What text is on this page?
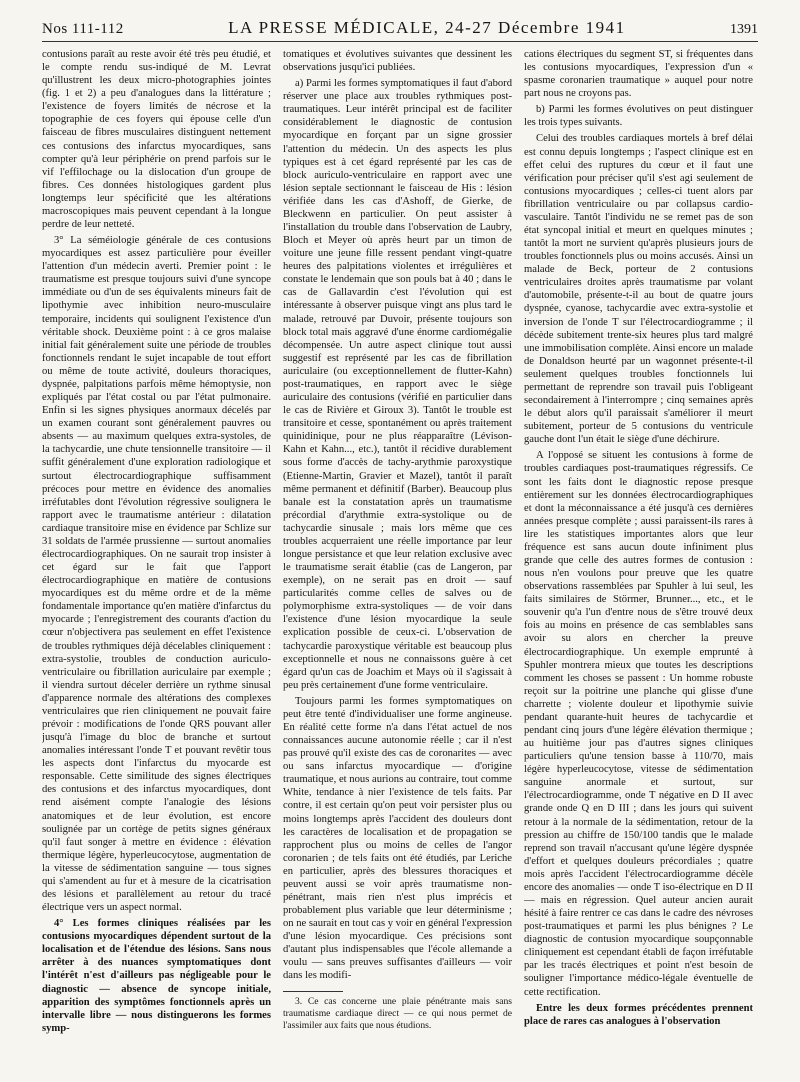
Nos 111-112	LA PRESSE MÉDICALE, 24-27 Décembre 1941	1391

contusions paraît au reste avoir été très peu étudié, et le compte rendu sus-indiqué de M. Levrat qu'illustrent les deux micro-photographies jointes (fig. 1 et 2) a peu d'analogues dans la littérature ; l'existence de foyers limités de nécrose et la topographie de ces foyers qui épouse celle d'un faisceau de fibres musculaires distinguent nettement ces contusions des infarctus myocardiques, sans compter qu'à leur périphérie on prend parfois sur le vif l'effilochage ou la dislocation d'un groupe de fibres. Ces données histologiques gardent plus longtemps leur spécificité que les altérations macroscopiques mais peuvent cependant à la longue perdre de leur netteté.

3° La séméiologie générale de ces contusions myocardiques est assez particulière pour éveiller l'attention d'un médecin averti. Premier point : le traumatisme est presque toujours suivi d'une syncope immédiate ou d'un de ses équivalents mineurs fait de lipothymie avec inhibition neuro-musculaire temporaire, incidents qui soulignent l'existence d'un véritable shock. Deuxième point : à ce gros malaise initial fait généralement suite une période de troubles fonctionnels rendant le sujet incapable de tout effort ou même de toute activité, douleurs thoraciques, dyspnée, palpitations parfois même hémoptysie, non expliqués par l'état costal ou par l'état pulmonaire. Enfin si les signes physiques anormaux décelés par un examen courant sont généralement pauvres ou absents — au maximum quelques extra-systoles, de la tachycardie, une chute tensionnelle transitoire — il suffit généralement d'une exploration radiologique et surtout électrocardiographique suffisamment précoces pour mettre en évidence des anomalies irréfutables dont l'évolution régressive soulignera le rapport avec le traumatisme antérieur : dilatation cardiaque transitoire mise en évidence par Schlize sur 31 soldats de l'armée prussienne — surtout anomalies électrocardiographiques. On ne saurait trop insister à cet égard sur le fait que l'apport électrocardiographique en matière de contusions myocardiques est du même ordre et de la même fondamentale importance qu'en matière d'infarctus du myocarde ; l'enregistrement des courants d'action du cœur n'objectivera pas seulement en effet l'existence de troubles rythmiques déjà décelables cliniquement : extra-systolie, troubles de conduction auriculo-ventriculaire ou fibrillation auriculaire par exemple ; il viendra surtout déceler derrière un rythme sinusal d'apparence normale des altérations des complexes ventriculaires que rien cliniquement ne pouvait faire prévoir : modifications de l'onde QRS pouvant aller jusqu'à l'image du bloc de branche et surtout anomalies intéressant l'onde T et pouvant revêtir tous les aspects dont l'infarctus du myocarde est responsable. Cette similitude des signes électriques des contusions et des infarctus myocardiques, dont rend aisément compte l'analogie des lésions anatomiques et de leur évolution, est encore soulignée par un cortège de petits signes généraux qu'il faut songer à mettre en évidence : élévation thermique légère, hyperleucocytose, augmentation de la vitesse de sédimentation sanguine — tous signes qui s'amendent au fur et à mesure de la cicatrisation des lésions et parallèlement au retour du tracé électrique vers un aspect normal.

4° Les formes cliniques réalisées par les contusions myocardiques dépendent surtout de la localisation et de l'étendue des lésions. Sans nous arrêter à des nuances symptomatiques dont l'intérêt n'est d'ailleurs pas négligeable pour le diagnostic — absence de syncope initiale, apparition des symptômes fonctionnels après un intervalle libre — nous distinguerons les formes symp-

tomatiques et évolutives suivantes que dessinent les observations jusqu'ici publiées.

a) Parmi les formes symptomatiques il faut d'abord réserver une place aux troubles rythmiques post-traumatiques. Leur intérêt principal est de faciliter considérablement le diagnostic de contusion myocardique en forçant par un signe grossier l'attention du médecin. Un des aspects les plus typiques est à cet égard représenté par les cas de block auriculo-ventriculaire en rapport avec une lésion septale sectionnant le faisceau de His : lésion vérifiée dans les cas d'Ashoff, de Gierke, de Bleckwenn en particulier. On peut assister à l'installation du trouble dans l'observation de Laubry, Bloch et Meyer où après heurt par un timon de voiture une jeune fille ressent pendant vingt-quatre heures des palpitations violentes et irrégulières et constate le lendemain que son pouls bat à 40 ; dans le cas de Gallavardin c'est l'évolution qui est intéressante à observer puisque vingt ans plus tard le malade, retrouvé par Duvoir, présente toujours son block total mais aggravé d'une énorme cardiomégalie décompensée. Un autre aspect clinique tout aussi suggestif est représenté par les cas de fibrillation auriculaire (ou exceptionnellement de flutter-Kahn) post-traumatiques, en rapport avec le siège auriculaire des contusions (vérifié en particulier dans le cas de Rivière et Giroux 3). Tantôt le trouble est transitoire et cesse, spontanément ou après traitement quinidinique, pour ne plus réapparaître (Lévison-Kahn et Kahn..., etc.), tantôt il récidive durablement sous forme d'accès de tachy-arythmie paroxystique (Etienne-Martin, Gravier et Mazel), tantôt il paraît même permanent et définitif (Barber). Beaucoup plus banale est la constatation après un traumatisme précordial d'arythmie extra-systolique ou de tachycardie sinusale ; mais lors même que ces troubles acquerraient une réelle importance par leur longue persistance et que leur relation exclusive avec le traumatisme serait établie (cas de Langeron, par exemple), on ne serait pas en droit — sauf particularités comme celles de salves ou de polymorphisme extra-systoliques — de voir dans l'existence d'une lésion myocardique la seule explication possible de ceux-ci. L'observation de tachycardie paroxystique véritable est beaucoup plus exceptionnelle et nous ne connaissons guère à cet égard qu'un cas de Joachim et Mays où il s'agissait à peu près certainement d'une forme ventriculaire.

Toujours parmi les formes symptomatiques on peut être tenté d'individualiser une forme angineuse. En réalité cette forme n'a dans l'état actuel de nos connaissances aucune autonomie réelle ; car il n'est pas prouvé qu'il existe des cas de coronarites — avec ou sans infarctus myocardique — d'origine traumatique, et nous aurions au contraire, tout comme White, tendance à nier l'existence de tels faits. Par contre, il est certain qu'on peut voir persister plus ou moins longtemps après l'accident des douleurs dont les caractères de localisation et de propagation se rapprochent plus ou moins de celles de l'angor coronarien ; de tels faits ont été étudiés, par Leriche en particulier, après des blessures thoraciques et peuvent aussi se voir après traumatisme non-pénétrant, mais rien n'est plus imprécis et probablement plus variable que leur déterminisme ; on ne saurait en tout cas y voir en général l'expression d'une lésion myocardique. Ces précisions sont d'autant plus indispensables que l'école allemande a voulu — sans preuves suffisantes d'ailleurs — voir dans les modifi-

3. Ce cas concerne une plaie pénétrante mais sans traumatisme cardiaque direct — ce qui nous permet de l'assimiler aux faits que nous étudions.

cations électriques du segment ST, si fréquentes dans les contusions myocardiques, l'expression d'un « spasme coronarien traumatique » auquel pour notre part nous ne croyons pas.

b) Parmi les formes évolutives on peut distinguer les trois types suivants.

Celui des troubles cardiaques mortels à bref délai est connu depuis longtemps ; l'aspect clinique est en effet celui des ruptures du cœur et il faut une vérification pour préciser qu'il s'est agi seulement de contusions myocardiques ; celles-ci tuent alors par fibrillation ventriculaire ou par collapsus cardio-vasculaire. Tantôt l'individu ne se remet pas de son état syncopal initial et meurt en quelques minutes ; tantôt la mort ne survient qu'après plusieurs jours de troubles fonctionnels plus ou moins accusés. Ainsi un malade de Beck, porteur de 2 contusions ventriculaires droites après traumatisme par volant d'automobile, présente-t-il au bout de quatre jours dyspnée, cyanose, tachycardie avec extra-systolie et inversion de l'onde T sur l'électrocardiogramme ; il décède subitement trente-six heures plus tard malgré une immobilisation complète. Ainsi encore un malade de Donaldson heurté par un wagonnet présente-t-il seulement quelques troubles fonctionnels lui permettant de reprendre son travail puis l'obligeant secondairement à l'interrompre ; cinq semaines après le début alors qu'il paraissait s'améliorer il meurt subitement, porteur de 5 contusions du ventricule gauche dont l'un était le siège d'une déchirure.

A l'opposé se situent les contusions à forme de troubles cardiaques post-traumatiques régressifs. Ce sont les faits dont le diagnostic repose presque entièrement sur les données électrocardiographiques et dont la méconnaissance a été jusqu'à ces dernières années presque complète ; aussi paraissent-ils rares à lire les statistiques importantes alors que leur fréquence est sans aucun doute infiniment plus grande que celle des autres formes de contusion : nous n'en voulons pour preuve que les quatre observations rassemblées par Spuhler à lui seul, les faits similaires de Störmer, Brunner..., etc., et le souvenir qu'a l'un d'entre nous de s'être trouvé deux fois au moins en présence de cas semblables sans avoir su alors en chercher la preuve électrocardiographique. Un exemple emprunté à Spuhler montrera mieux que toutes les descriptions comment les choses se passent : Un homme robuste reçoit sur la poitrine une planche qui glisse d'une charrette ; violente douleur et lipothymie suivie pendant quarante-huit heures de tachycardie et pendant cinq jours d'une légère élévation thermique ; au huitième jour pas d'autres signes cliniques particuliers qu'une tension basse à 110/70, mais légère hyperleucocytose, vitesse de sédimentation sanguine anormale et surtout, sur l'électrocardiogramme, onde T négative en D II avec grande onde Q en D III ; dans les jours qui suivent retour à la normale de la sédimentation, retour de la pression au chiffre de 150/100 tandis que le malade reprend son travail n'accusant qu'une légère dyspnée d'effort et quelques douleurs précordiales ; quatre mois après l'accident l'électrocardiogramme décèle encore des anomalies — onde T iso-électrique en D II — mais en régression. Quel auteur ancien aurait hésité à faire rentrer ce cas dans le cadre des névroses post-traumatiques et parmi les plus bénignes ? Le diagnostic de contusion myocardique soupçonnable cliniquement est cependant établi de façon irréfutable par les tracés électriques et point n'est besoin de souligner l'importance médico-légale éventuelle de cette rectification.

Entre les deux formes précédentes prennent place de rares cas analogues à l'observation
